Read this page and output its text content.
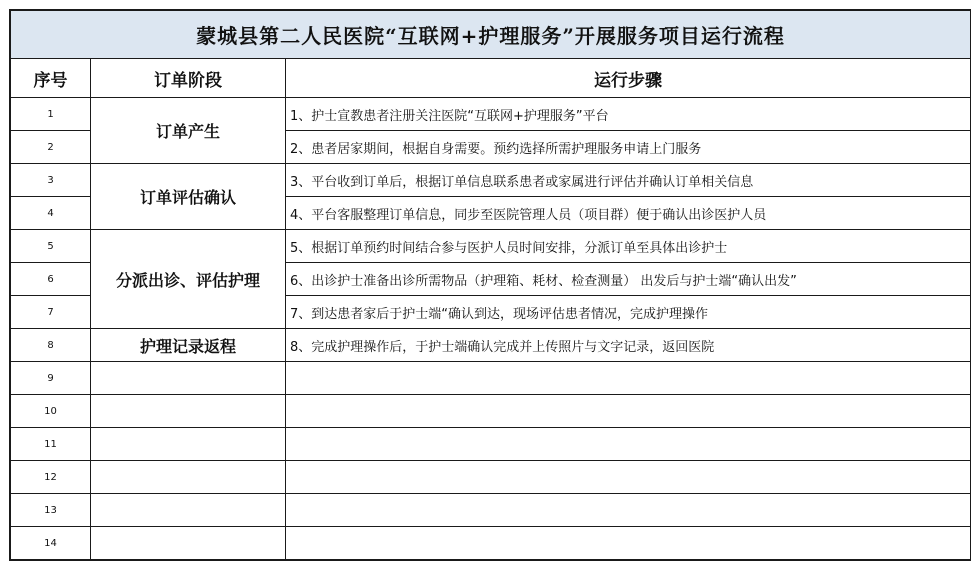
蒙城县第二人民医院“互联网+护理服务”开展服务项目运行流程		
序号	订单阶段	运行步骤
1	订单产生	1、护士宣教患者注册关注医院“互联网+护理服务”平台
2		2、患者居家期间，根据自身需要。预约选择所需护理服务申请上门服务
3	订单评估确认	3、平台收到订单后，根据订单信息联系患者或家属进行评估并确认订单相关信息
4		4、平台客服整理订单信息，同步至医院管理人员（项目群）便于确认出诊医护人员
5	分派出诊、评估护理	5、根据订单预约时间结合参与医护人员时间安排，分派订单至具体出诊护士
6		6、出诊护士准备出诊所需物品（护理箱、耗材、检查测量） 出发后与护士端“确认出发”
7		7、到达患者家后于护士端“确认到达，现场评估患者情况，完成护理操作
8	护理记录返程	8、完成护理操作后，于护士端确认完成并上传照片与文字记录，返回医院
9		
10		
11		
12		
13		
14		
